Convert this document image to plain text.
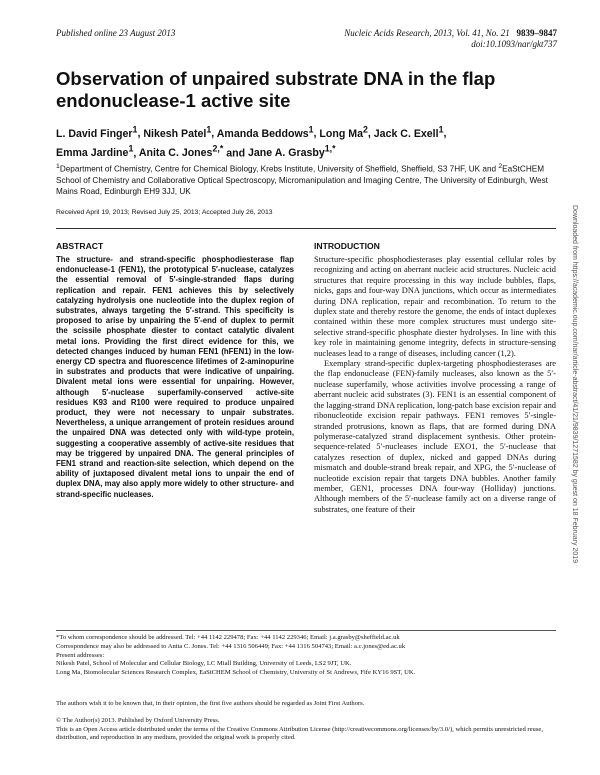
Published online 23 August 2013	Nucleic Acids Research, 2013, Vol. 41, No. 21 9839–9847
doi:10.1093/nar/gkt737
Observation of unpaired substrate DNA in the flap endonuclease-1 active site
L. David Finger$^1$, Nikesh Patel$^1$, Amanda Beddows$^1$, Long Ma$^2$, Jack C. Exell$^1$,
Emma Jardine$^1$, Anita C. Jones$^{2,*}$ and Jane A. Grasby$^{1,*}$
$^1$Department of Chemistry, Centre for Chemical Biology, Krebs Institute, University of Sheffield, Sheffield, S3 7HF, UK and $^2$EaStCHEM School of Chemistry and Collaborative Optical Spectroscopy, Micromanipulation and Imaging Centre, The University of Edinburgh, West Mains Road, Edinburgh EH9 3JJ, UK
Received April 19, 2013; Revised July 25, 2013; Accepted July 26, 2013	Downloaded from https://academic.oup.com/nar/article-abstract/41/21/9839/1271582 by guest on 18 February 2019
ABSTRACT
The structure- and strand-specific phosphodiesterase flap endonuclease-1 (FEN1), the prototypical 5′-nuclease, catalyzes the essential removal of 5′-single-stranded flaps during replication and repair. FEN1 achieves this by selectively catalyzing hydrolysis one nucleotide into the duplex region of substrates, always targeting the 5′-strand. This specificity is proposed to arise by unpairing the 5′-end of duplex to permit the scissile phosphate diester to contact catalytic divalent metal ions. Providing the first direct evidence for this, we detected changes induced by human FEN1 (hFEN1) in the low-energy CD spectra and fluorescence lifetimes of 2-aminopurine in substrates and products that were indicative of unpairing. Divalent metal ions were essential for unpairing. However, although 5′-nuclease superfamily-conserved active-site residues K93 and R100 were required to produce unpaired product, they were not necessary to unpair substrates. Nevertheless, a unique arrangement of protein residues around the unpaired DNA was detected only with wild-type protein, suggesting a cooperative assembly of active-site residues that may be triggered by unpaired DNA. The general principles of FEN1 strand and reaction-site selection, which depend on the ability of juxtaposed divalent metal ions to unpair the end of duplex DNA, may also apply more widely to other structure- and strand-specific nucleases.
INTRODUCTION

Structure-specific phosphodiesterases play essential cellular roles by recognizing and acting on aberrant nucleic acid structures. Nucleic acid structures that require processing in this way include bubbles, flaps, nicks, gaps and four-way DNA junctions, which occur as intermediates during DNA replication, repair and recombination. To return to the duplex state and thereby restore the genome, the ends of intact duplexes contained within these more complex structures must undergo site-selective strand-specific phosphate diester hydrolyses. In line with this key role in maintaining genome integrity, defects in structure-sensing nucleases lead to a range of diseases, including cancer (1,2).

Exemplary strand-specific duplex-targeting phosphodiesterases are the flap endonuclease (FEN)-family nucleases, also known as the 5′-nuclease superfamily, whose activities involve processing a range of aberrant nucleic acid substrates (3). FEN1 is an essential component of the lagging-strand DNA replication, long-patch base excision repair and ribonucleotide excision repair pathways. FEN1 removes 5′-single-stranded protrusions, known as flaps, that are formed during DNA polymerase-catalyzed strand displacement synthesis. Other protein-sequence-related 5′-nucleases include EXO1, the 5′-nuclease that catalyzes resection of duplex, nicked and gapped DNAs during mismatch and double-strand break repair, and XPG, the 5′-nuclease of nucleotide excision repair that targets DNA bubbles. Another family member, GEN1, processes DNA four-way (Holliday) junctions. Although members of the 5′-nuclease family act on a diverse range of substrates, one feature of their

*To whom correspondence should be addressed. Tel: +44 1142 229478; Fax: +44 1142 229346; Email: j.a.grasby@sheffield.ac.uk
Correspondence may also be addressed to Anita C. Jones. Tel: +44 1316 506449; Fax: +44 1316 504743; Email: a.c.jones@ed.ac.uk
Present addresses:
Nikesh Patel, School of Molecular and Cellular Biology, LC Miall Building, University of Leeds, LS2 9JT, UK.
Long Ma, Biomolecular Sciences Research Complex, EaStCHEM School of Chemistry, University of St Andrews, Fife KY16 9ST, UK.
The authors wish it to be known that, in their opinion, the first five authors should be regarded as Joint First Authors.
© The Author(s) 2013. Published by Oxford University Press.
This is an Open Access article distributed under the terms of the Creative Commons Attribution License (http://creativecommons.org/licenses/by/3.0/), which permits unrestricted reuse, distribution, and reproduction in any medium, provided the original work is properly cited.
